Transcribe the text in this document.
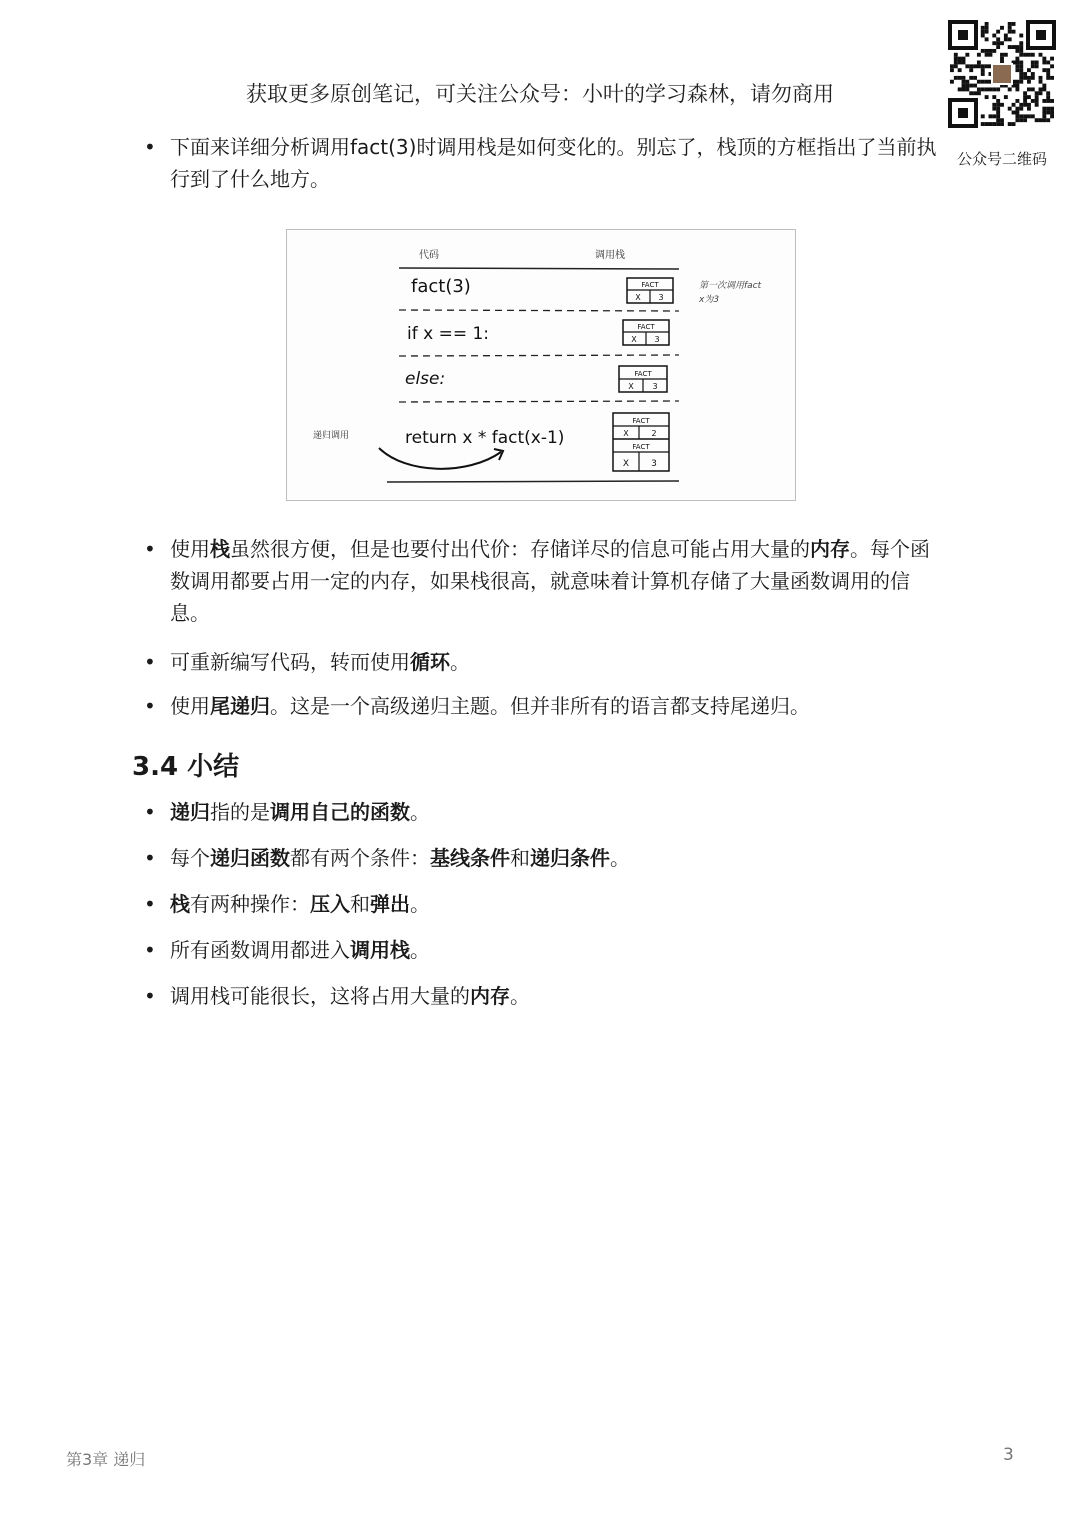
获取更多原创笔记，可关注公众号：小叶的学习森林，请勿商用
公众号二维码
• 下面来详细分析调用fact(3)时调用栈是如何变化的。别忘了，栈顶的方框指出了当前执行到了什么地方。
代码	调用栈
fact(3)
if x == 1:
else:
return x * fact(x-1)
第一次调用fact
x为3
递归调用
FACT
X 3
FACT
X 3
FACT
X 3
FACT
X	2
FACT
X 3
• 使用栈虽然很方便，但是也要付出代价：存储详尽的信息可能占用大量的内存。每个函数调用都要占用一定的内存，如果栈很高，就意味着计算机存储了大量函数调用的信息。
• 可重新编写代码，转而使用循环。
• 使用尾递归。这是一个高级递归主题。但并非所有的语言都支持尾递归。
3.4 小结
• 递归指的是调用自己的函数。
• 每个递归函数都有两个条件：基线条件和递归条件。
• 栈有两种操作：压入和弹出。
• 所有函数调用都进入调用栈。
• 调用栈可能很长，这将占用大量的内存。
第3章 递归	3
